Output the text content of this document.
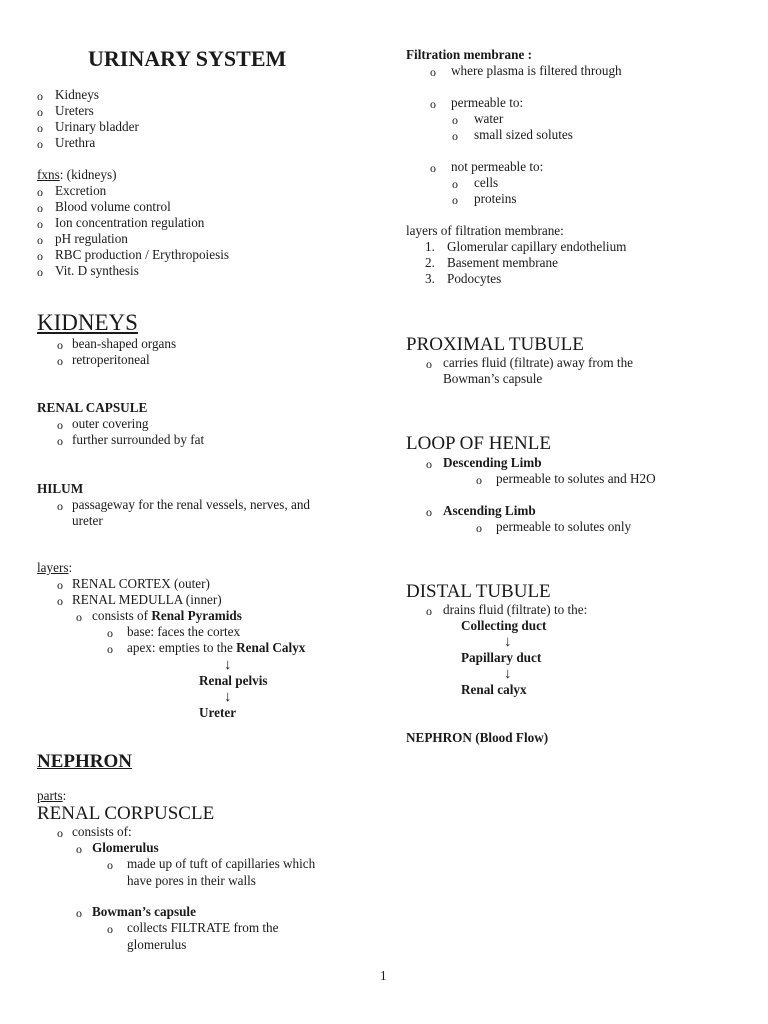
URINARY SYSTEM
o Kidneys
o Ureters
o Urinary bladder
o Urethra
fxns: (kidneys)
o Excretion
o Blood volume control
o Ion concentration regulation
o pH regulation
o RBC production / Erythropoiesis
o Vit. D synthesis
KIDNEYS
o bean-shaped organs
o retroperitoneal
RENAL CAPSULE
o outer covering
o further surrounded by fat
HILUM
o passageway for the renal vessels, nerves, and
ureter
layers:
o RENAL CORTEX (outer)
o RENAL MEDULLA (inner)
o consists of Renal Pyramids
o base: faces the cortex
o apex: empties to the Renal Calyx
↓
Renal pelvis
↓
Ureter
NEPHRON
parts:
RENAL CORPUSCLE
o consists of:
o Glomerulus
o made up of tuft of capillaries which
have pores in their walls
o Bowman’s capsule
o collects FILTRATE from the
glomerulus
Filtration membrane :
o where plasma is filtered through
o permeable to:
o water
o small sized solutes
o not permeable to:
o cells
o proteins
layers of filtration membrane:
1. Glomerular capillary endothelium
2. Basement membrane
3. Podocytes
PROXIMAL TUBULE
o carries fluid (filtrate) away from the
Bowman’s capsule
LOOP OF HENLE
o Descending Limb
o permeable to solutes and H2O
o Ascending Limb
o permeable to solutes only
DISTAL TUBULE
o drains fluid (filtrate) to the:
Collecting duct
↓
Papillary duct
↓
Renal calyx
NEPHRON (Blood Flow)
1
